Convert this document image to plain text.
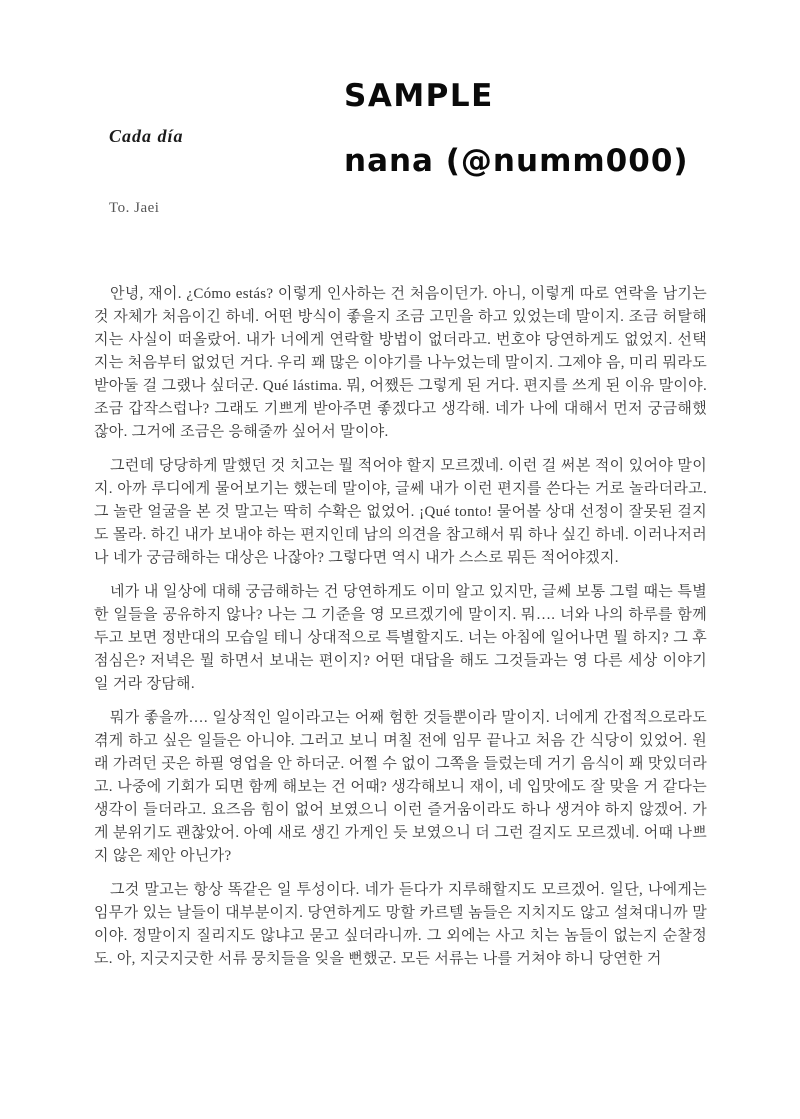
SAMPLE
Cada día
nana (@numm000)
To. Jaei

안녕, 재이. ¿Cómo estás? 이렇게 인사하는 건 처음이던가. 아니, 이렇게 따로 연락을 남기는 것 자체가 처음이긴 하네. 어떤 방식이 좋을지 조금 고민을 하고 있었는데 말이지. 조금 허탈해지는 사실이 떠올랐어. 내가 너에게 연락할 방법이 없더라고. 번호야 당연하게도 없었지. 선택지는 처음부터 없었던 거다. 우리 꽤 많은 이야기를 나누었는데 말이지. 그제야 음, 미리 뭐라도 받아둘 걸 그랬나 싶더군. Qué lástima. 뭐, 어쨌든 그렇게 된 거다. 편지를 쓰게 된 이유 말이야. 조금 갑작스럽나? 그래도 기쁘게 받아주면 좋겠다고 생각해. 네가 나에 대해서 먼저 궁금해했잖아. 그거에 조금은 응해줄까 싶어서 말이야.

그런데 당당하게 말했던 것 치고는 뭘 적어야 할지 모르겠네. 이런 걸 써본 적이 있어야 말이지. 아까 루디에게 물어보기는 했는데 말이야, 글쎄 내가 이런 편지를 쓴다는 거로 놀라더라고. 그 놀란 얼굴을 본 것 말고는 딱히 수확은 없었어. ¡Qué tonto! 물어볼 상대 선정이 잘못된 걸지도 몰라. 하긴 내가 보내야 하는 편지인데 남의 의견을 참고해서 뭐 하나 싶긴 하네. 이러나저러나 네가 궁금해하는 대상은 나잖아? 그렇다면 역시 내가 스스로 뭐든 적어야겠지.

네가 내 일상에 대해 궁금해하는 건 당연하게도 이미 알고 있지만, 글쎄 보통 그럴 때는 특별한 일들을 공유하지 않나? 나는 그 기준을 영 모르겠기에 말이지. 뭐…. 너와 나의 하루를 함께 두고 보면 정반대의 모습일 테니 상대적으로 특별할지도. 너는 아침에 일어나면 뭘 하지? 그 후 점심은? 저녁은 뭘 하면서 보내는 편이지? 어떤 대답을 해도 그것들과는 영 다른 세상 이야기일 거라 장담해.

뭐가 좋을까…. 일상적인 일이라고는 어째 험한 것들뿐이라 말이지. 너에게 간접적으로라도 겪게 하고 싶은 일들은 아니야. 그러고 보니 며칠 전에 임무 끝나고 처음 간 식당이 있었어. 원래 가려던 곳은 하필 영업을 안 하더군. 어쩔 수 없이 그쪽을 들렀는데 거기 음식이 꽤 맛있더라고. 나중에 기회가 되면 함께 해보는 건 어때? 생각해보니 재이, 네 입맛에도 잘 맞을 거 같다는 생각이 들더라고. 요즈음 힘이 없어 보였으니 이런 즐거움이라도 하나 생겨야 하지 않겠어. 가게 분위기도 괜찮았어. 아예 새로 생긴 가게인 듯 보였으니 더 그런 걸지도 모르겠네. 어때 나쁘지 않은 제안 아닌가?

그것 말고는 항상 똑같은 일 투성이다. 네가 듣다가 지루해할지도 모르겠어. 일단, 나에게는 임무가 있는 날들이 대부분이지. 당연하게도 망할 카르텔 놈들은 지치지도 않고 설쳐대니까 말이야. 정말이지 질리지도 않냐고 묻고 싶더라니까. 그 외에는 사고 치는 놈들이 없는지 순찰정도. 아, 지긋지긋한 서류 뭉치들을 잊을 뻔했군. 모든 서류는 나를 거쳐야 하니 당연한 거
